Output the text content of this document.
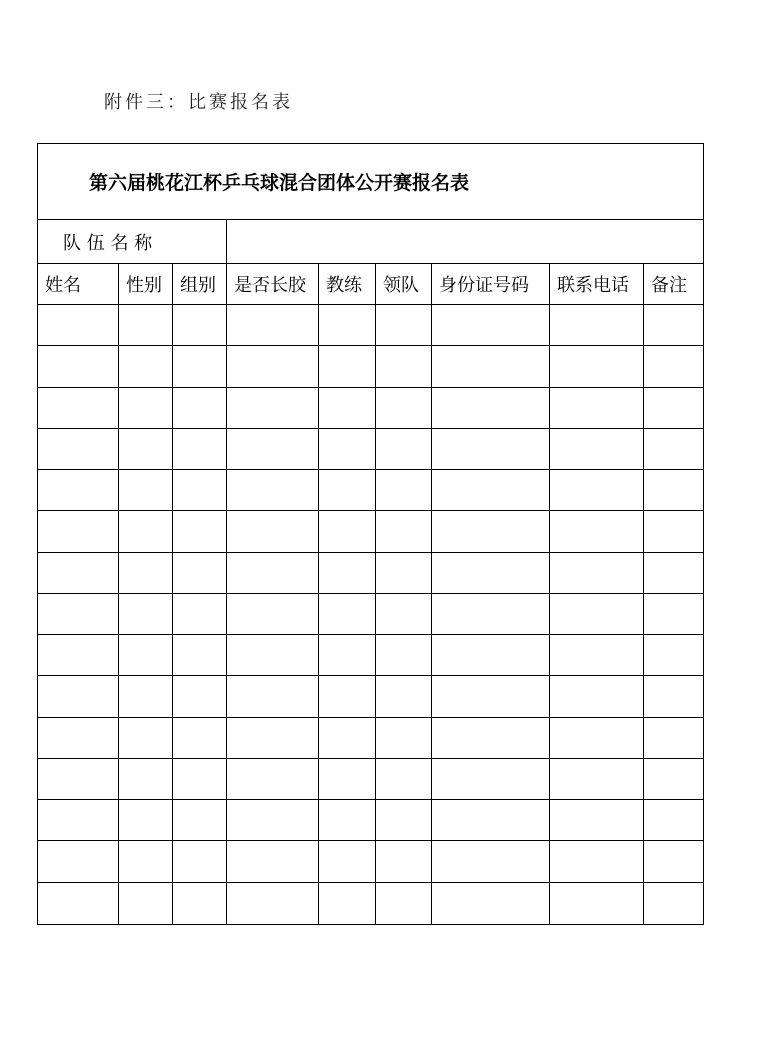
附件三：比赛报名表
第六届桃花江杯乒乓球混合团体公开赛报名表
队 伍 名 称
姓名	性别	组别	是否长胶	教练	领队	身份证号码	联系电话	备注
